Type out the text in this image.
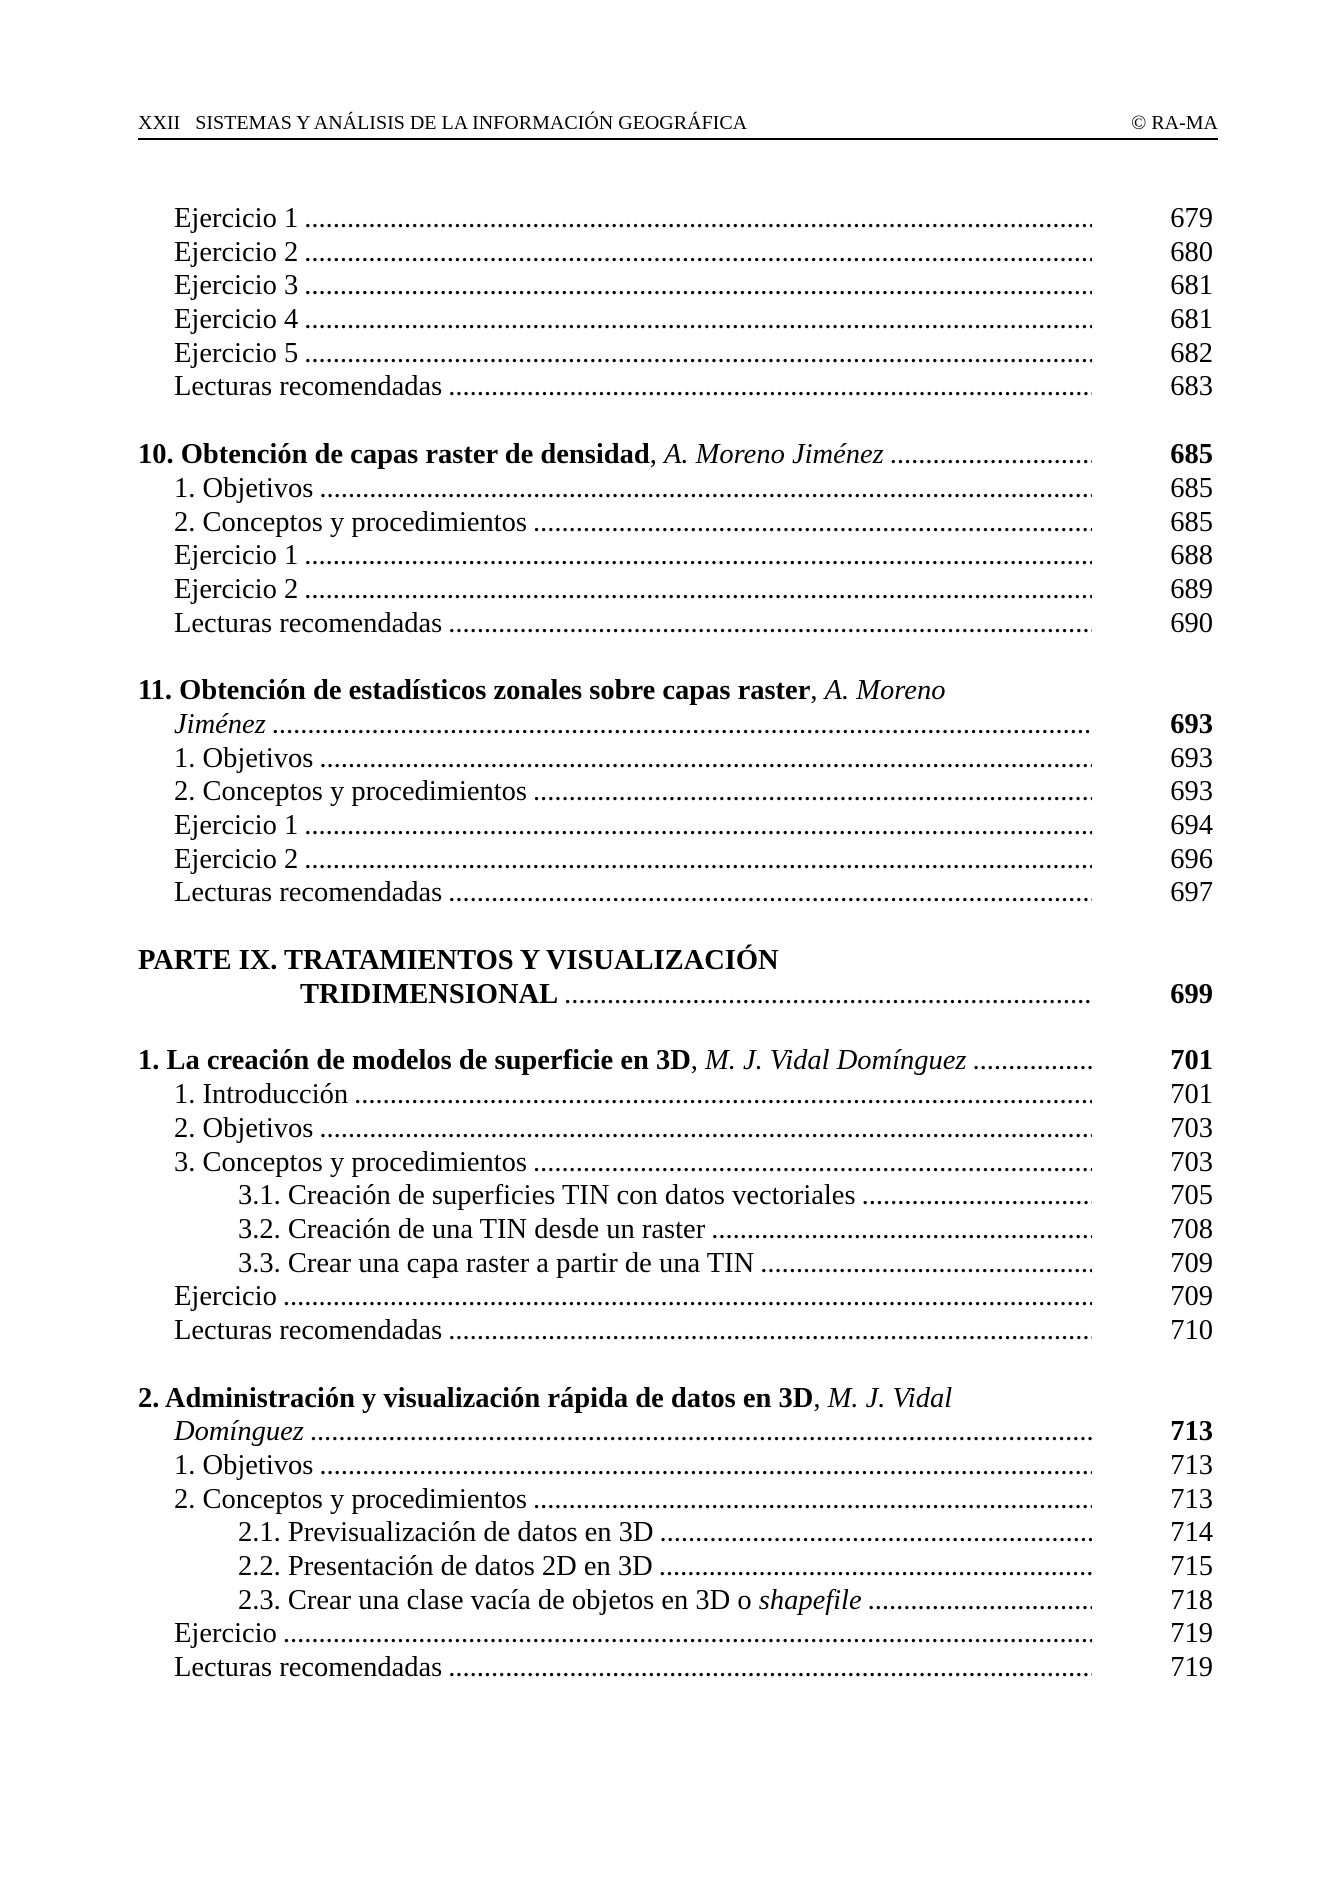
XXII   SISTEMAS Y ANÁLISIS DE LA INFORMACIÓN GEOGRÁFICA	© RA-MA
Ejercicio 1 .....	679
Ejercicio 2 .....	680
Ejercicio 3 .....	681
Ejercicio 4 .....	681
Ejercicio 5 .....	682
Lecturas recomendadas .....	683
10. Obtención de capas raster de densidad, A. Moreno Jiménez .....	685
1. Objetivos .....	685
2. Conceptos y procedimientos .....	685
Ejercicio 1 .....	688
Ejercicio 2 .....	689
Lecturas recomendadas .....	690
11. Obtención de estadísticos zonales sobre capas raster, A. Moreno
Jiménez .....	693
1. Objetivos .....	693
2. Conceptos y procedimientos .....	693
Ejercicio 1 .....	694
Ejercicio 2 .....	696
Lecturas recomendadas .....	697
PARTE IX. TRATAMIENTOS Y VISUALIZACIÓN
TRIDIMENSIONAL .....	699
1. La creación de modelos de superficie en 3D, M. J. Vidal Domínguez .....	701
1. Introducción .....	701
2. Objetivos .....	703
3. Conceptos y procedimientos .....	703
3.1. Creación de superficies TIN con datos vectoriales .....	705
3.2. Creación de una TIN desde un raster .....	708
3.3. Crear una capa raster a partir de una TIN .....	709
Ejercicio .....	709
Lecturas recomendadas .....	710
2. Administración y visualización rápida de datos en 3D, M. J. Vidal
Domínguez .....	713
1. Objetivos .....	713
2. Conceptos y procedimientos .....	713
2.1. Previsualización de datos en 3D .....	714
2.2. Presentación de datos 2D en 3D .....	715
2.3. Crear una clase vacía de objetos en 3D o shapefile .....	718
Ejercicio .....	719
Lecturas recomendadas .....	719
